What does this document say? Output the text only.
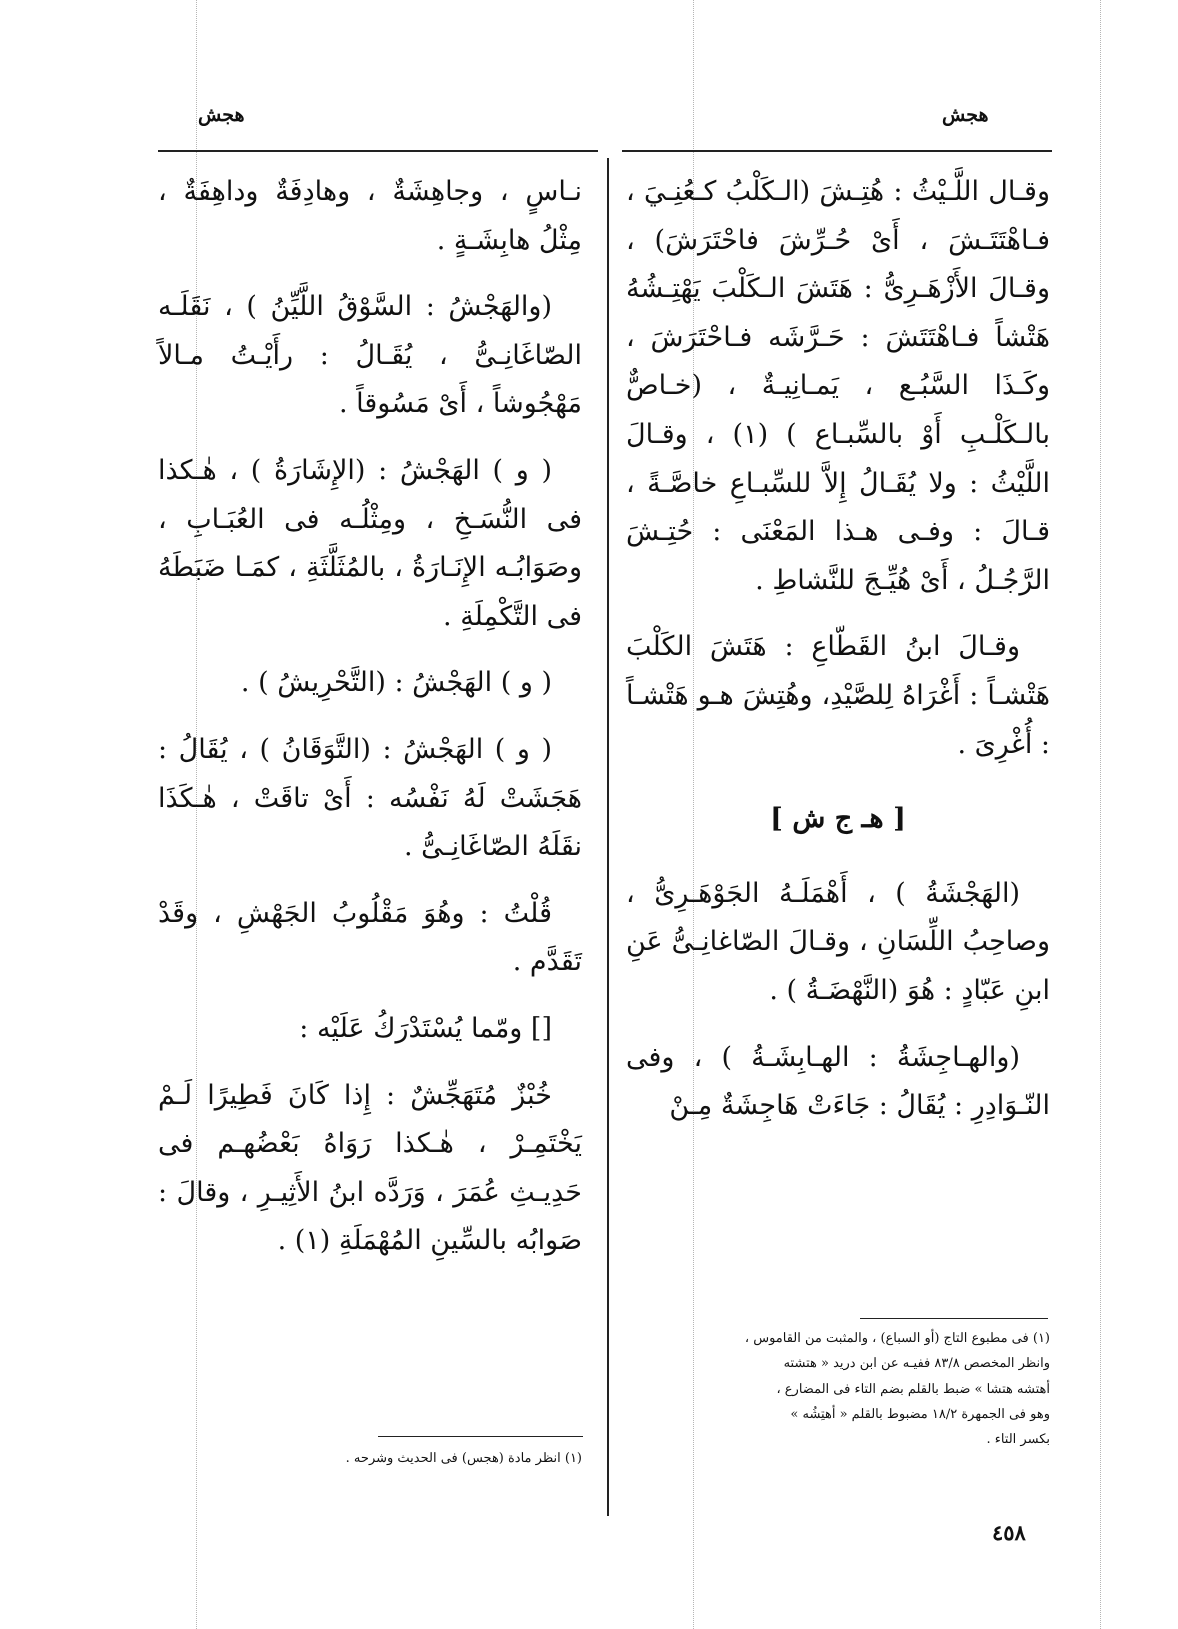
هجش	هجش

وقـال اللَّـيْثُ : هُتِـشَ (الـكَلْبُ كـعُنِـيَ ، فـاهْتَتَـشَ ، أَىْ حُـرِّشَ فاحْتَرَشَ) ، وقـالَ الأَزْهَـرِىُّ : هَتَشَ الـكَلْبَ يَهْتِـشُهُ هَتْشاً فـاهْتَتَشَ : حَـرَّشَه فـاحْتَرَشَ ، وكَـذَا السَّبُـع ، يَمـانِيـةٌ ، (خـاصٌّ بالـكَلْـبِ أَوْ بالسِّبـاع ) (١) ، وقـالَ اللَّيْثُ : ولا يُقَـالُ إِلاَّ للسِّبـاعِ خاصَّـةً ، قـالَ : وفـى هـذا المَعْنَى : حُتِـشَ الرَّجُـلُ ، أَىْ هُيِّـجَ للنَّشاطِ .

وقـالَ ابنُ القَطّاعِ : هَتَشَ الكَلْبَ هَتْشـاً : أَغْرَاهُ لِلصَّيْدِ، وهُتِشَ هـو هَتْشـاً : أُغْرِىَ .

[ هـ ج ش ]

(الهَجْشَةُ ) ، أَهْمَلَـهُ الجَوْهَـرِىُّ ، وصاحِبُ اللِّسَانِ ، وقـالَ الصّاغانِـىُّ عَنِ ابنِ عَبّادٍ : هُوَ (النَّهْضَـةُ ) .

(والهـاجِشَةُ : الهـابِشَـةُ ) ، وفى النّـوَادِرِ : يُقَالُ : جَاءَتْ هَاجِشَةٌ مِـنْ

(١) فى مطبوع التاج (أو السباع) ، والمثبت من القاموس ،

وانظر المخصص ٨٣/٨ ففيـه عن ابن دريد « هتشته

أهتشه هتشا » ضبط بالقلم بضم التاء فى المضارع ،

وهو فى الجمهرة ١٨/٢ مضبوط بالقلم « أهتِشُه »

بكسر التاء .

نـاسٍ ، وجاهِشَةٌ ، وهادِفَةٌ وداهِفَةٌ ، مِثْلُ هابِشَـةٍ .

(والهَجْشُ : السَّوْقُ اللَّيِّنُ ) ، نَقَلَـه الصّاغَانِـىُّ ، يُقَـالُ : رأَيْـتُ مـالاً مَهْجُوشاً ، أَىْ مَسُوقاً .

( و ) الهَجْشُ : (الإِشَارَةُ ) ، هٰـكذا فى النُّسَـخِ ، ومِثْلُـه فى العُبَـابِ ، وصَوَابُـه الإِنَـارَةُ ، بالمُثَلَّثَةِ ، كمَـا ضَبَطَهُ فى التَّكْمِلَةِ .

( و ) الهَجْشُ : (التَّحْرِيشُ ) .

( و ) الهَجْشُ : (التَّوَقَانُ ) ، يُقَالُ : هَجَشَتْ لَهُ نَفْسُه : أَىْ تاقَتْ ، هٰـكَذَا نقَلَهُ الصّاغَانِـىُّ .

قُلْتُ : وهُوَ مَقْلُوبُ الجَهْشِ ، وقَدْ تَقَدَّم .

[] ومّما يُسْتَدْرَكُ عَلَيْه :

خُبْزٌ مُتَهَجِّشٌ : إِذا كَانَ فَطِيرًا لَـمْ يَخْتَمِـرْ ، هٰـكذا رَوَاهُ بَعْضُهـم فى حَدِيـثِ عُمَرَ ، وَرَدَّه ابنُ الأَثِيـرِ ، وقالَ : صَوابُه بالسِّينِ المُهْمَلَةِ (١) .

(١) انظر مادة (هجس) فى الحديث وشرحه .

٤٥٨
